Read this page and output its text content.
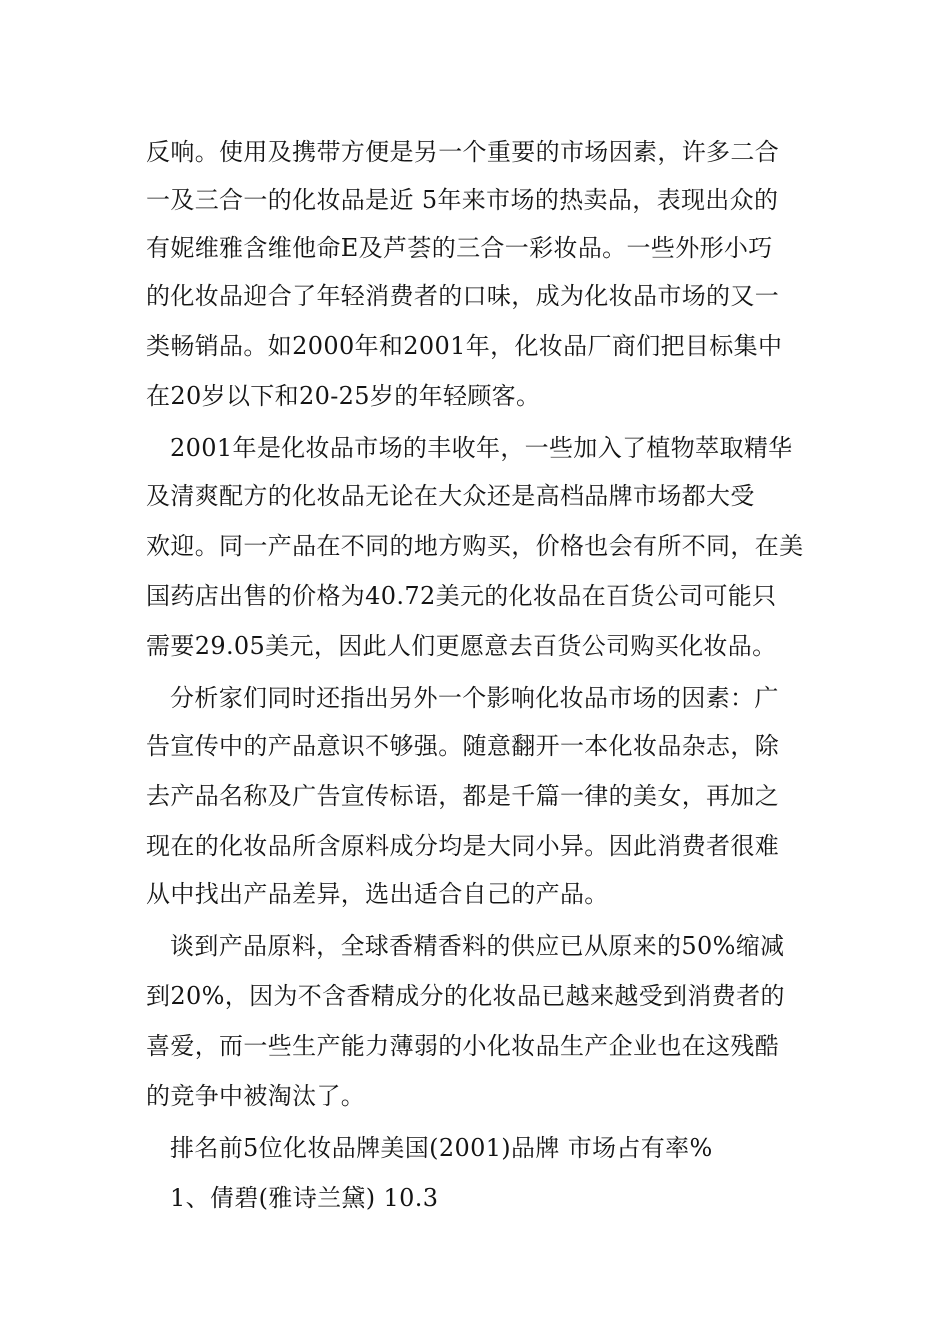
反响。使用及携带方便是另一个重要的市场因素，许多二合
一及三合一的化妆品是近 5年来市场的热卖品，表现出众的
有妮维雅含维他命E及芦荟的三合一彩妆品。一些外形小巧
的化妆品迎合了年轻消费者的口味，成为化妆品市场的又一
类畅销品。如2000年和2001年，化妆品厂商们把目标集中
在20岁以下和20-25岁的年轻顾客。
2001年是化妆品市场的丰收年，一些加入了植物萃取精华
及清爽配方的化妆品无论在大众还是高档品牌市场都大受
欢迎。同一产品在不同的地方购买，价格也会有所不同，在美
国药店出售的价格为40.72美元的化妆品在百货公司可能只
需要29.05美元，因此人们更愿意去百货公司购买化妆品。
分析家们同时还指出另外一个影响化妆品市场的因素：广
告宣传中的产品意识不够强。随意翻开一本化妆品杂志，除
去产品名称及广告宣传标语，都是千篇一律的美女，再加之
现在的化妆品所含原料成分均是大同小异。因此消费者很难
从中找出产品差异，选出适合自己的产品。
谈到产品原料，全球香精香料的供应已从原来的50%缩减
到20%，因为不含香精成分的化妆品已越来越受到消费者的
喜爱，而一些生产能力薄弱的小化妆品生产企业也在这残酷
的竞争中被淘汰了。
排名前5位化妆品牌美国(2001)品牌 市场占有率%
1、倩碧(雅诗兰黛) 10.3
